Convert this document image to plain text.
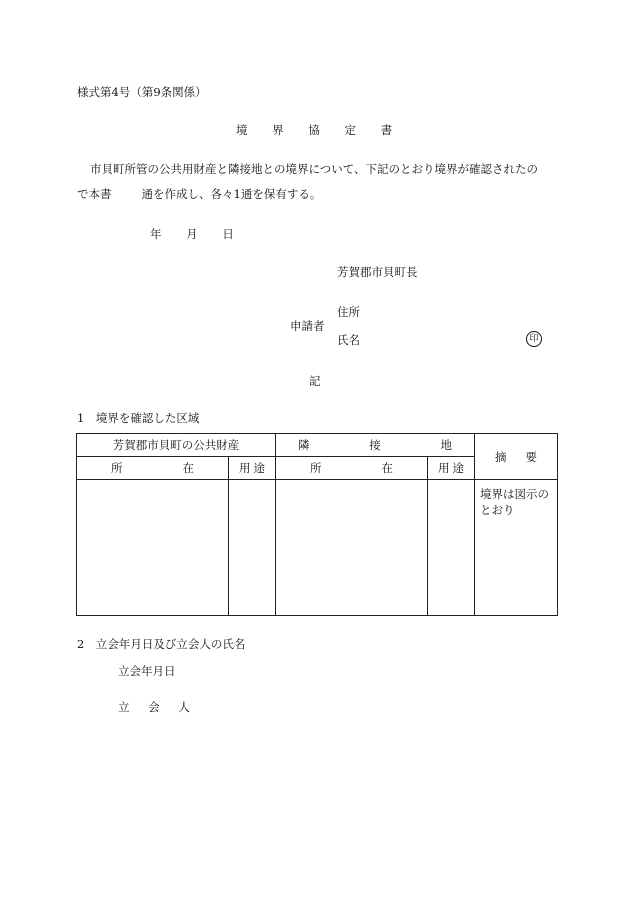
様式第4号（第9条関係）
境 界 協 定 書
市貝町所管の公共用財産と隣接地との境界について、下記のとおり境界が確認されたの
で本書	通を作成し、各々1通を保有する。
年 月 日
芳賀郡市貝町長
住所
申請者
氏名	印
記
1　境界を確認した区域
芳賀郡市貝町の公共財産		隣 接 地		摘 要

所 在	用 途	所 在	用 途	

				境界は図示のとおり
2　立会年月日及び立会人の氏名
立会年月日
立 会 人
